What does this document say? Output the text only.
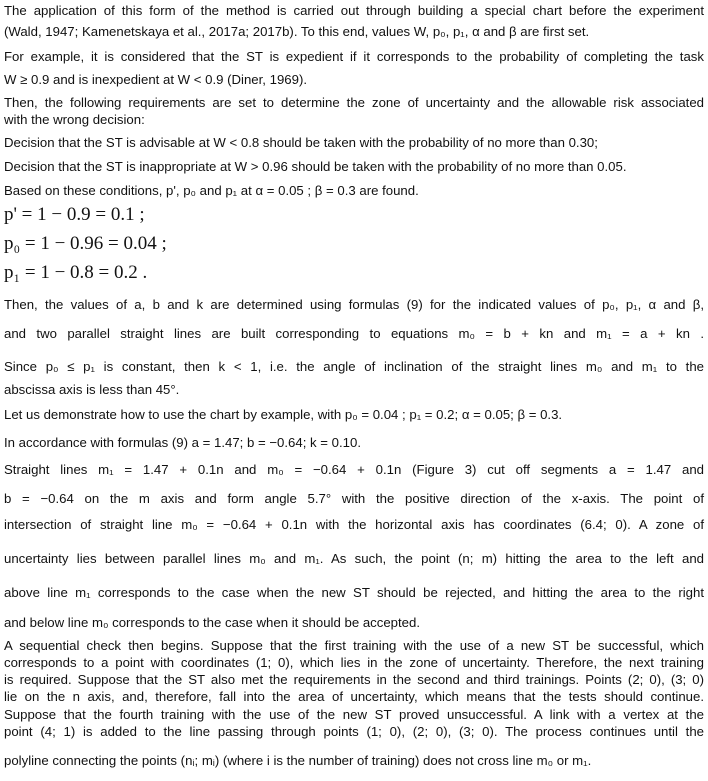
The application of this form of the method is carried out through building a special chart before the experiment
(Wald, 1947; Kamenetskaya et al., 2017a; 2017b). To this end, values W, p₀, p₁, α and β are first set.
For example, it is considered that the ST is expedient if it corresponds to the probability of completing the task
W ≥ 0.9 and is inexpedient at W < 0.9 (Diner, 1969).
Then, the following requirements are set to determine the zone of uncertainty and the allowable risk associated
with the wrong decision:
Decision that the ST is advisable at W < 0.8 should be taken with the probability of no more than 0.30;
Decision that the ST is inappropriate at W > 0.96 should be taken with the probability of no more than 0.05.
Based on these conditions, p', p₀ and p₁ at α = 0.05 ; β = 0.3 are found.
p' = 1 − 0.9 = 0.1 ;
p₀ = 1 − 0.96 = 0.04 ;
p₁ = 1 − 0.8 = 0.2 .
Then, the values of a, b and k are determined using formulas (9) for the indicated values of p₀, p₁, α and β,
and two parallel straight lines are built corresponding to equations m₀ = b + kn and m₁ = a + kn .
Since p₀ ≤ p₁ is constant, then k < 1, i.e. the angle of inclination of the straight lines m₀ and m₁ to the
abscissa axis is less than 45°.
Let us demonstrate how to use the chart by example, with p₀ = 0.04 ; p₁ = 0.2; α = 0.05; β = 0.3.
In accordance with formulas (9) a = 1.47; b = −0.64; k = 0.10.
Straight lines m₁ = 1.47 + 0.1n and m₀ = −0.64 + 0.1n (Figure 3) cut off segments a = 1.47 and
b = −0.64 on the m axis and form angle 5.7° with the positive direction of the x-axis. The point of
intersection of straight line m₀ = −0.64 + 0.1n with the horizontal axis has coordinates (6.4; 0). A zone of
uncertainty lies between parallel lines m₀ and m₁. As such, the point (n; m) hitting the area to the left and
above line m₁ corresponds to the case when the new ST should be rejected, and hitting the area to the right
and below line m₀ corresponds to the case when it should be accepted.
A sequential check then begins. Suppose that the first training with the use of a new ST be successful, which
corresponds to a point with coordinates (1; 0), which lies in the zone of uncertainty. Therefore, the next training
is required. Suppose that the ST also met the requirements in the second and third trainings. Points (2; 0), (3; 0)
lie on the n axis, and, therefore, fall into the area of uncertainty, which means that the tests should continue.
Suppose that the fourth training with the use of the new ST proved unsuccessful. A link with a vertex at the
point (4; 1) is added to the line passing through points (1; 0), (2; 0), (3; 0). The process continues until the
polyline connecting the points (nᵢ; mᵢ) (where i is the number of training) does not cross line m₀ or m₁.
